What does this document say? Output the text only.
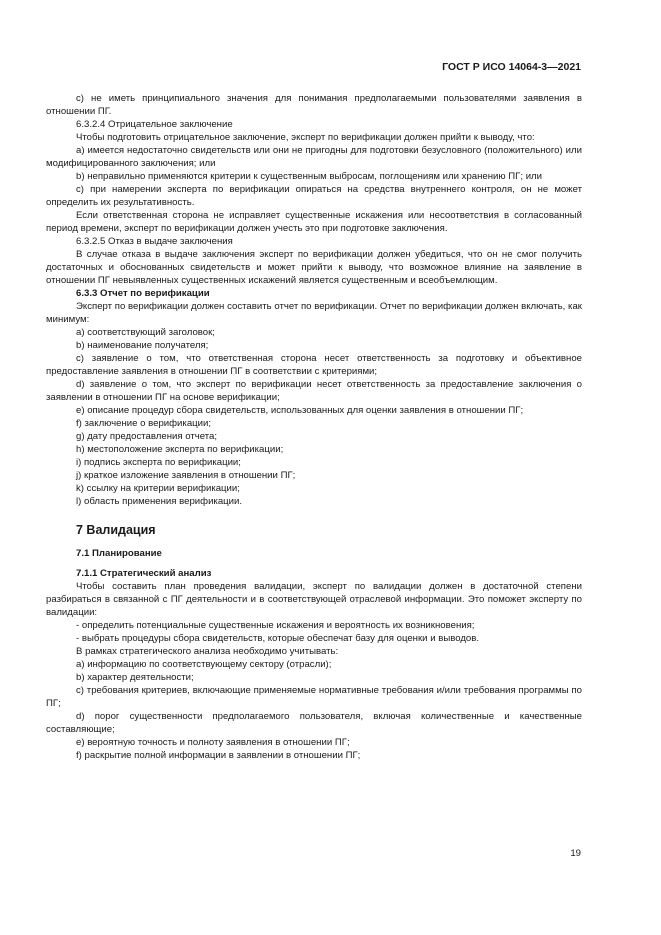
ГОСТ Р ИСО 14064-3—2021

c) не иметь принципиального значения для понимания предполагаемыми пользователями заявления в отношении ПГ.

6.3.2.4 Отрицательное заключение

Чтобы подготовить отрицательное заключение, эксперт по верификации должен прийти к выводу, что:

a) имеется недостаточно свидетельств или они не пригодны для подготовки безусловного (положительного) или модифицированного заключения; или

b) неправильно применяются критерии к существенным выбросам, поглощениям или хранению ПГ; или

c) при намерении эксперта по верификации опираться на средства внутреннего контроля, он не может определить их результативность.

Если ответственная сторона не исправляет существенные искажения или несоответствия в согласованный период времени, эксперт по верификации должен учесть это при подготовке заключения.

6.3.2.5 Отказ в выдаче заключения

В случае отказа в выдаче заключения эксперт по верификации должен убедиться, что он не смог получить достаточных и обоснованных свидетельств и может прийти к выводу, что возможное влияние на заявление в отношении ПГ невыявленных существенных искажений является существенным и всеобъемлющим.

6.3.3 Отчет по верификации

Эксперт по верификации должен составить отчет по верификации. Отчет по верификации должен включать, как минимум:

a) соответствующий заголовок;

b) наименование получателя;

c) заявление о том, что ответственная сторона несет ответственность за подготовку и объективное предоставление заявления в отношении ПГ в соответствии с критериями;

d) заявление о том, что эксперт по верификации несет ответственность за предоставление заключения о заявлении в отношении ПГ на основе верификации;

e) описание процедур сбора свидетельств, использованных для оценки заявления в отношении ПГ;

f) заключение о верификации;

g) дату предоставления отчета;

h) местоположение эксперта по верификации;

i) подпись эксперта по верификации;

j) краткое изложение заявления в отношении ПГ;

k) ссылку на критерии верификации;

l) область применения верификации.

7 Валидация

7.1 Планирование

7.1.1 Стратегический анализ

Чтобы составить план проведения валидации, эксперт по валидации должен в достаточной степени разбираться в связанной с ПГ деятельности и в соответствующей отраслевой информации. Это поможет эксперту по валидации:

- определить потенциальные существенные искажения и вероятность их возникновения;

- выбрать процедуры сбора свидетельств, которые обеспечат базу для оценки и выводов.

В рамках стратегического анализа необходимо учитывать:

a) информацию по соответствующему сектору (отрасли);

b) характер деятельности;

c) требования критериев, включающие применяемые нормативные требования и/или требования программы по ПГ;

d) порог существенности предполагаемого пользователя, включая количественные и качественные составляющие;

e) вероятную точность и полноту заявления в отношении ПГ;

f) раскрытие полной информации в заявлении в отношении ПГ;

19
